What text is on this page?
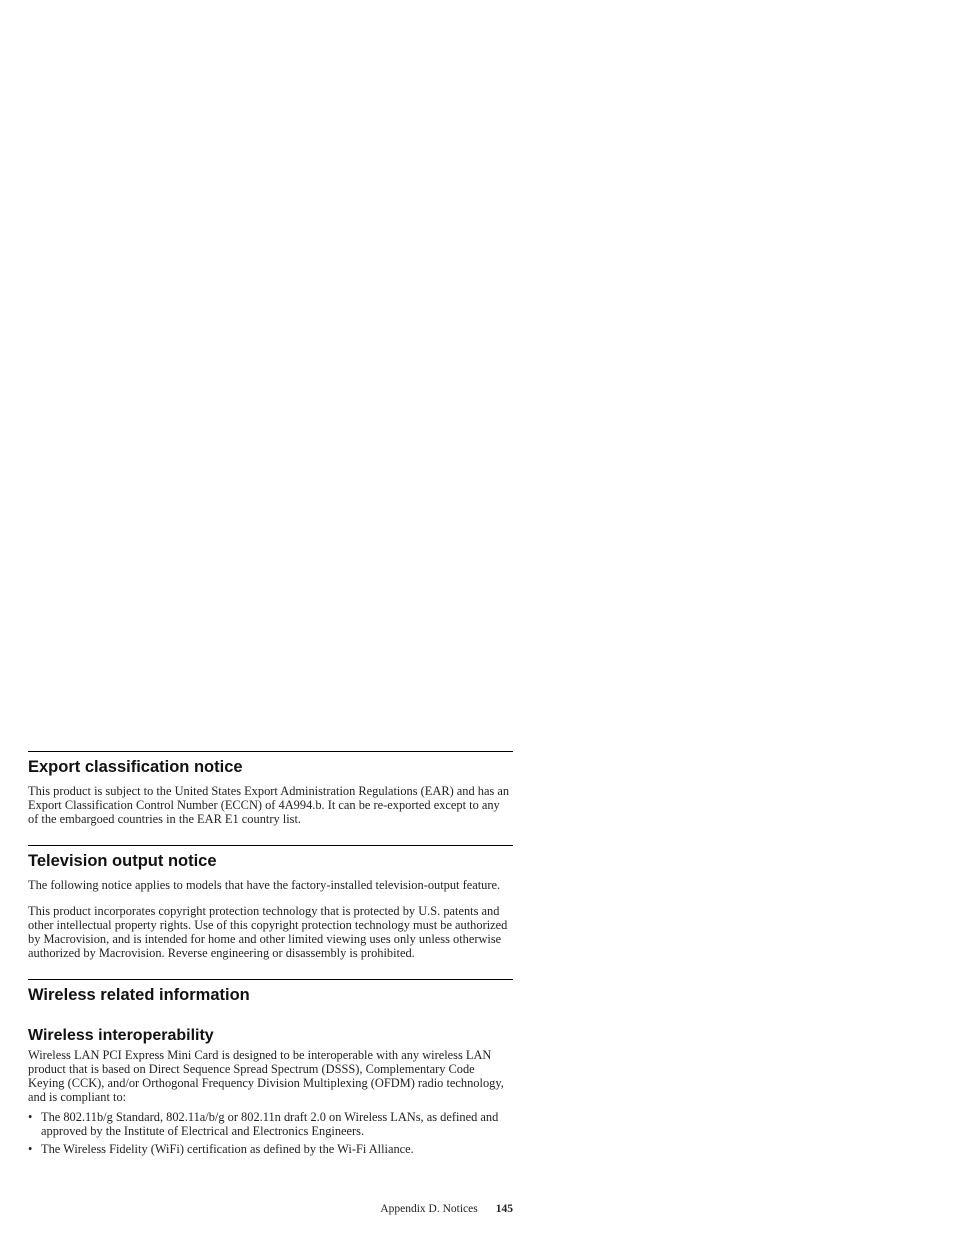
Export classification notice

This product is subject to the United States Export Administration Regulations (EAR) and has an Export Classification Control Number (ECCN) of 4A994.b. It can be re-exported except to any of the embargoed countries in the EAR E1 country list.

Television output notice

The following notice applies to models that have the factory-installed television-output feature.

This product incorporates copyright protection technology that is protected by U.S. patents and other intellectual property rights. Use of this copyright protection technology must be authorized by Macrovision, and is intended for home and other limited viewing uses only unless otherwise authorized by Macrovision. Reverse engineering or disassembly is prohibited.

Wireless related information
Wireless interoperability

Wireless LAN PCI Express Mini Card is designed to be interoperable with any wireless LAN product that is based on Direct Sequence Spread Spectrum (DSSS), Complementary Code Keying (CCK), and/or Orthogonal Frequency Division Multiplexing (OFDM) radio technology, and is compliant to:

• The 802.11b/g Standard, 802.11a/b/g or 802.11n draft 2.0 on Wireless LANs, as defined and approved by the Institute of Electrical and Electronics Engineers.
• The Wireless Fidelity (WiFi) certification as defined by the Wi-Fi Alliance.
Appendix D. Notices 145
